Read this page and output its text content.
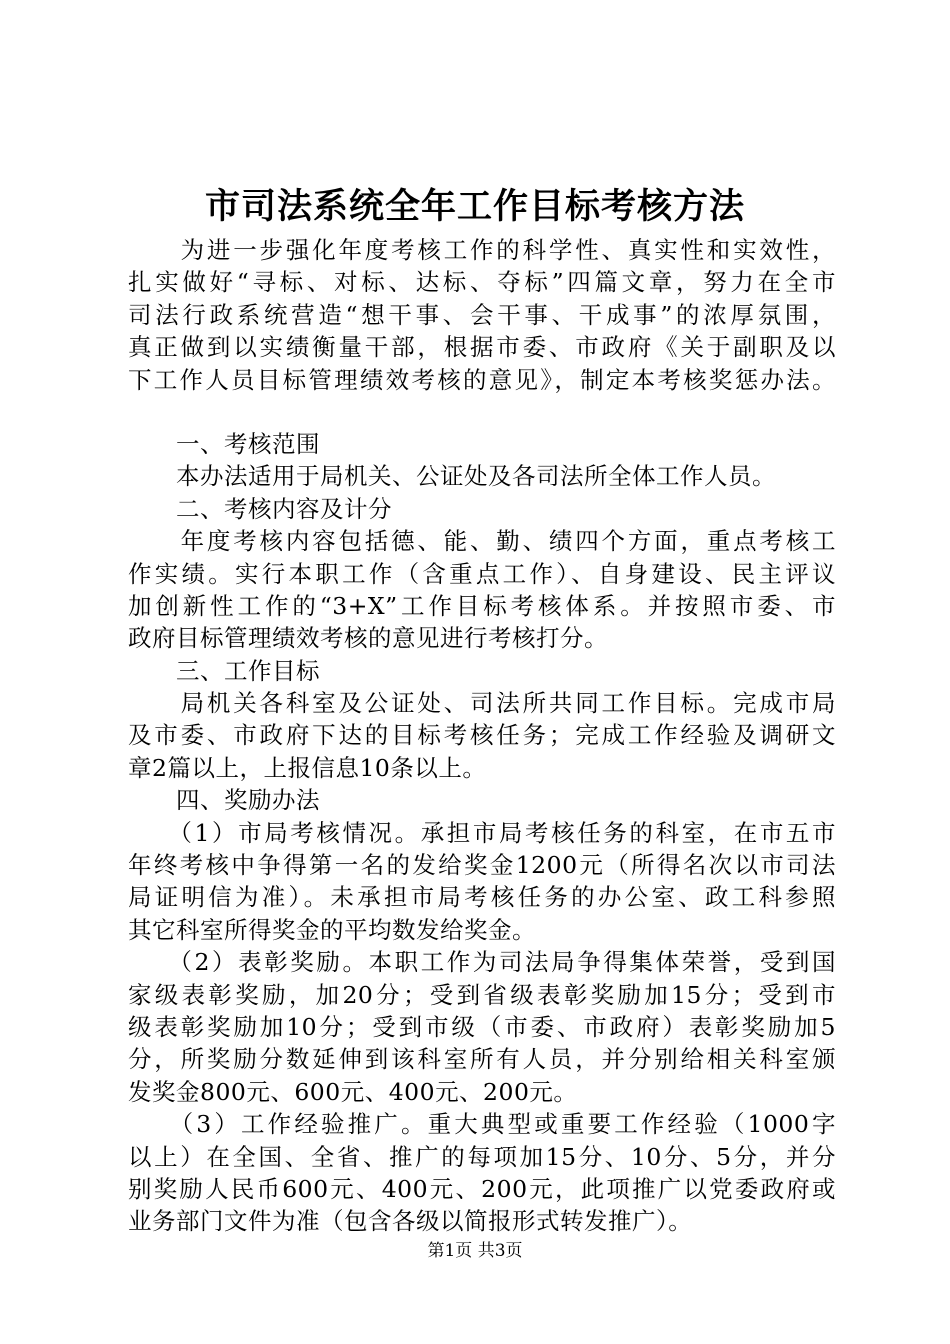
市司法系统全年工作目标考核方法
　　为进一步强化年度考核工作的科学性、真实性和实效性，
扎实做好“寻标、对标、达标、夺标”四篇文章，努力在全市
司法行政系统营造“想干事、会干事、干成事”的浓厚氛围，
真正做到以实绩衡量干部，根据市委、市政府《关于副职及以
下工作人员目标管理绩效考核的意见》，制定本考核奖惩办法。
　　一、考核范围
　　本办法适用于局机关、公证处及各司法所全体工作人员。
　　二、考核内容及计分
　　年度考核内容包括德、能、勤、绩四个方面，重点考核工
作实绩。实行本职工作（含重点工作）、自身建设、民主评议
加创新性工作的“3+X”工作目标考核体系。并按照市委、市
政府目标管理绩效考核的意见进行考核打分。
　　三、工作目标
　　局机关各科室及公证处、司法所共同工作目标。完成市局
及市委、市政府下达的目标考核任务；完成工作经验及调研文
章2篇以上，上报信息10条以上。
　　四、奖励办法
　　（1）市局考核情况。承担市局考核任务的科室，在市五市
年终考核中争得第一名的发给奖金1200元（所得名次以市司法
局证明信为准）。未承担市局考核任务的办公室、政工科参照
其它科室所得奖金的平均数发给奖金。
　　（2）表彰奖励。本职工作为司法局争得集体荣誉，受到国
家级表彰奖励，加20分；受到省级表彰奖励加15分；受到市
级表彰奖励加10分；受到市级（市委、市政府）表彰奖励加5
分，所奖励分数延伸到该科室所有人员，并分别给相关科室颁
发奖金800元、600元、400元、200元。
　　（3）工作经验推广。重大典型或重要工作经验（1000字
以上）在全国、全省、推广的每项加15分、10分、5分，并分
别奖励人民币600元、400元、200元，此项推广以党委政府或
业务部门文件为准（包含各级以简报形式转发推广）。
第1页 共3页
